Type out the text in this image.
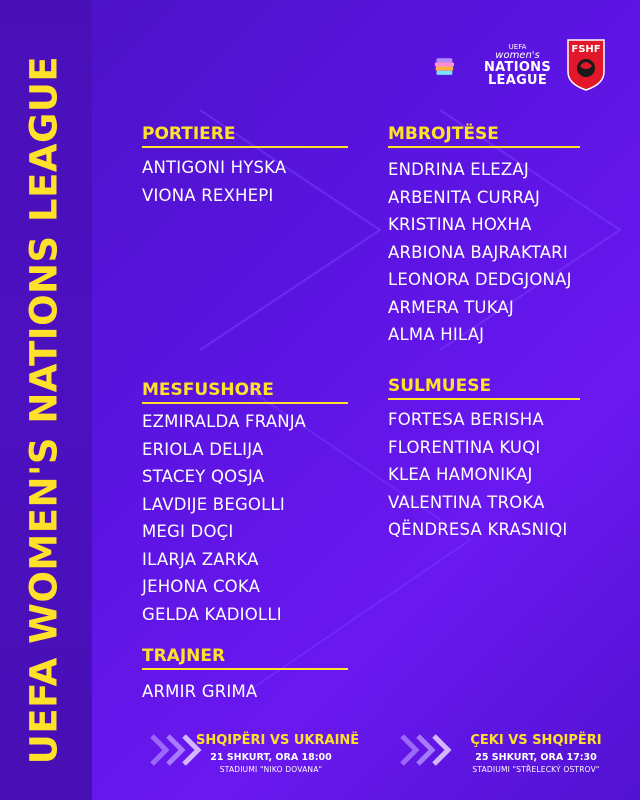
UEFA WOMEN'S NATIONS LEAGUE
UEFA
women's
NATIONS
LEAGUE
FSHF
PORTIERE
ANTIGONI HYSKA
VIONA REXHEPI
MBROJTËSE
ENDRINA ELEZAJ
ARBENITA CURRAJ
KRISTINA HOXHA
ARBIONA BAJRAKTARI
LEONORA DEDGJONAJ
ARMERA TUKAJ
ALMA HILAJ
MESFUSHORE
EZMIRALDA FRANJA
ERIOLA DELIJA
STACEY QOSJA
LAVDIJE BEGOLLI
MEGI DOÇI
ILARJA ZARKA
JEHONA COKA
GELDA KADIOLLI
SULMUESE
FORTESA BERISHA
FLORENTINA KUQI
KLEA HAMONIKAJ
VALENTINA TROKA
QËNDRESA KRASNIQI
TRAJNER
ARMIR GRIMA
SHQIPËRI VS UKRAINË
21 SHKURT, ORA 18:00
STADIUMI "NIKO DOVANA"
ÇEKI VS SHQIPËRI
25 SHKURT, ORA 17:30
STADIUMI "STŘELECKÝ OSTROV"
